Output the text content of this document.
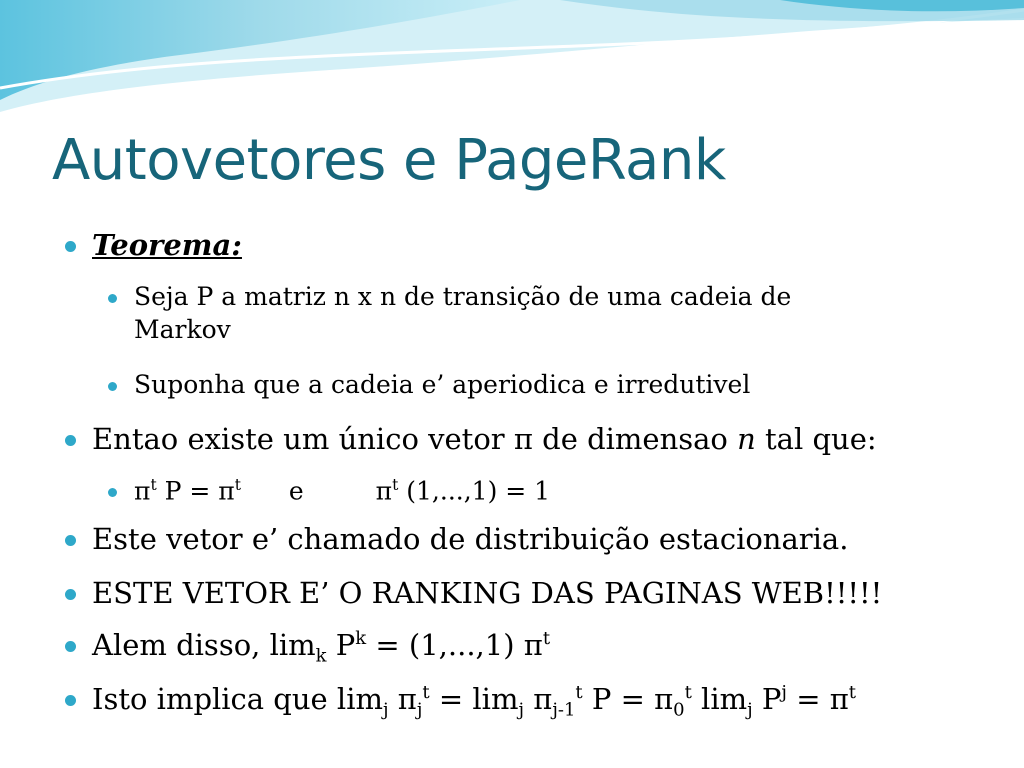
Autovetores e PageRank
Teorema:
Seja P a matriz n x n de transição de uma cadeia de
Markov
Suponha que a cadeia e’ aperiodica e irredutivel
Entao existe um único vetor π de dimensao n tal que:
$\pi^t$ $P = \pi^t$ e	$\pi^t$ (1,...,1) = 1
Este vetor e’ chamado de distribuição estacionaria.
ESTE VETOR E’ O RANKING DAS PAGINAS WEB!!!!!
Alem disso, $\lim_k P^k = (1,...,1)$ $\pi^t$
Isto implica que $\lim_j \pi_j^t = \lim_j \pi_{j-1}^t$ $P = \pi_0^t$ $\lim_j P^j = \pi^t$
